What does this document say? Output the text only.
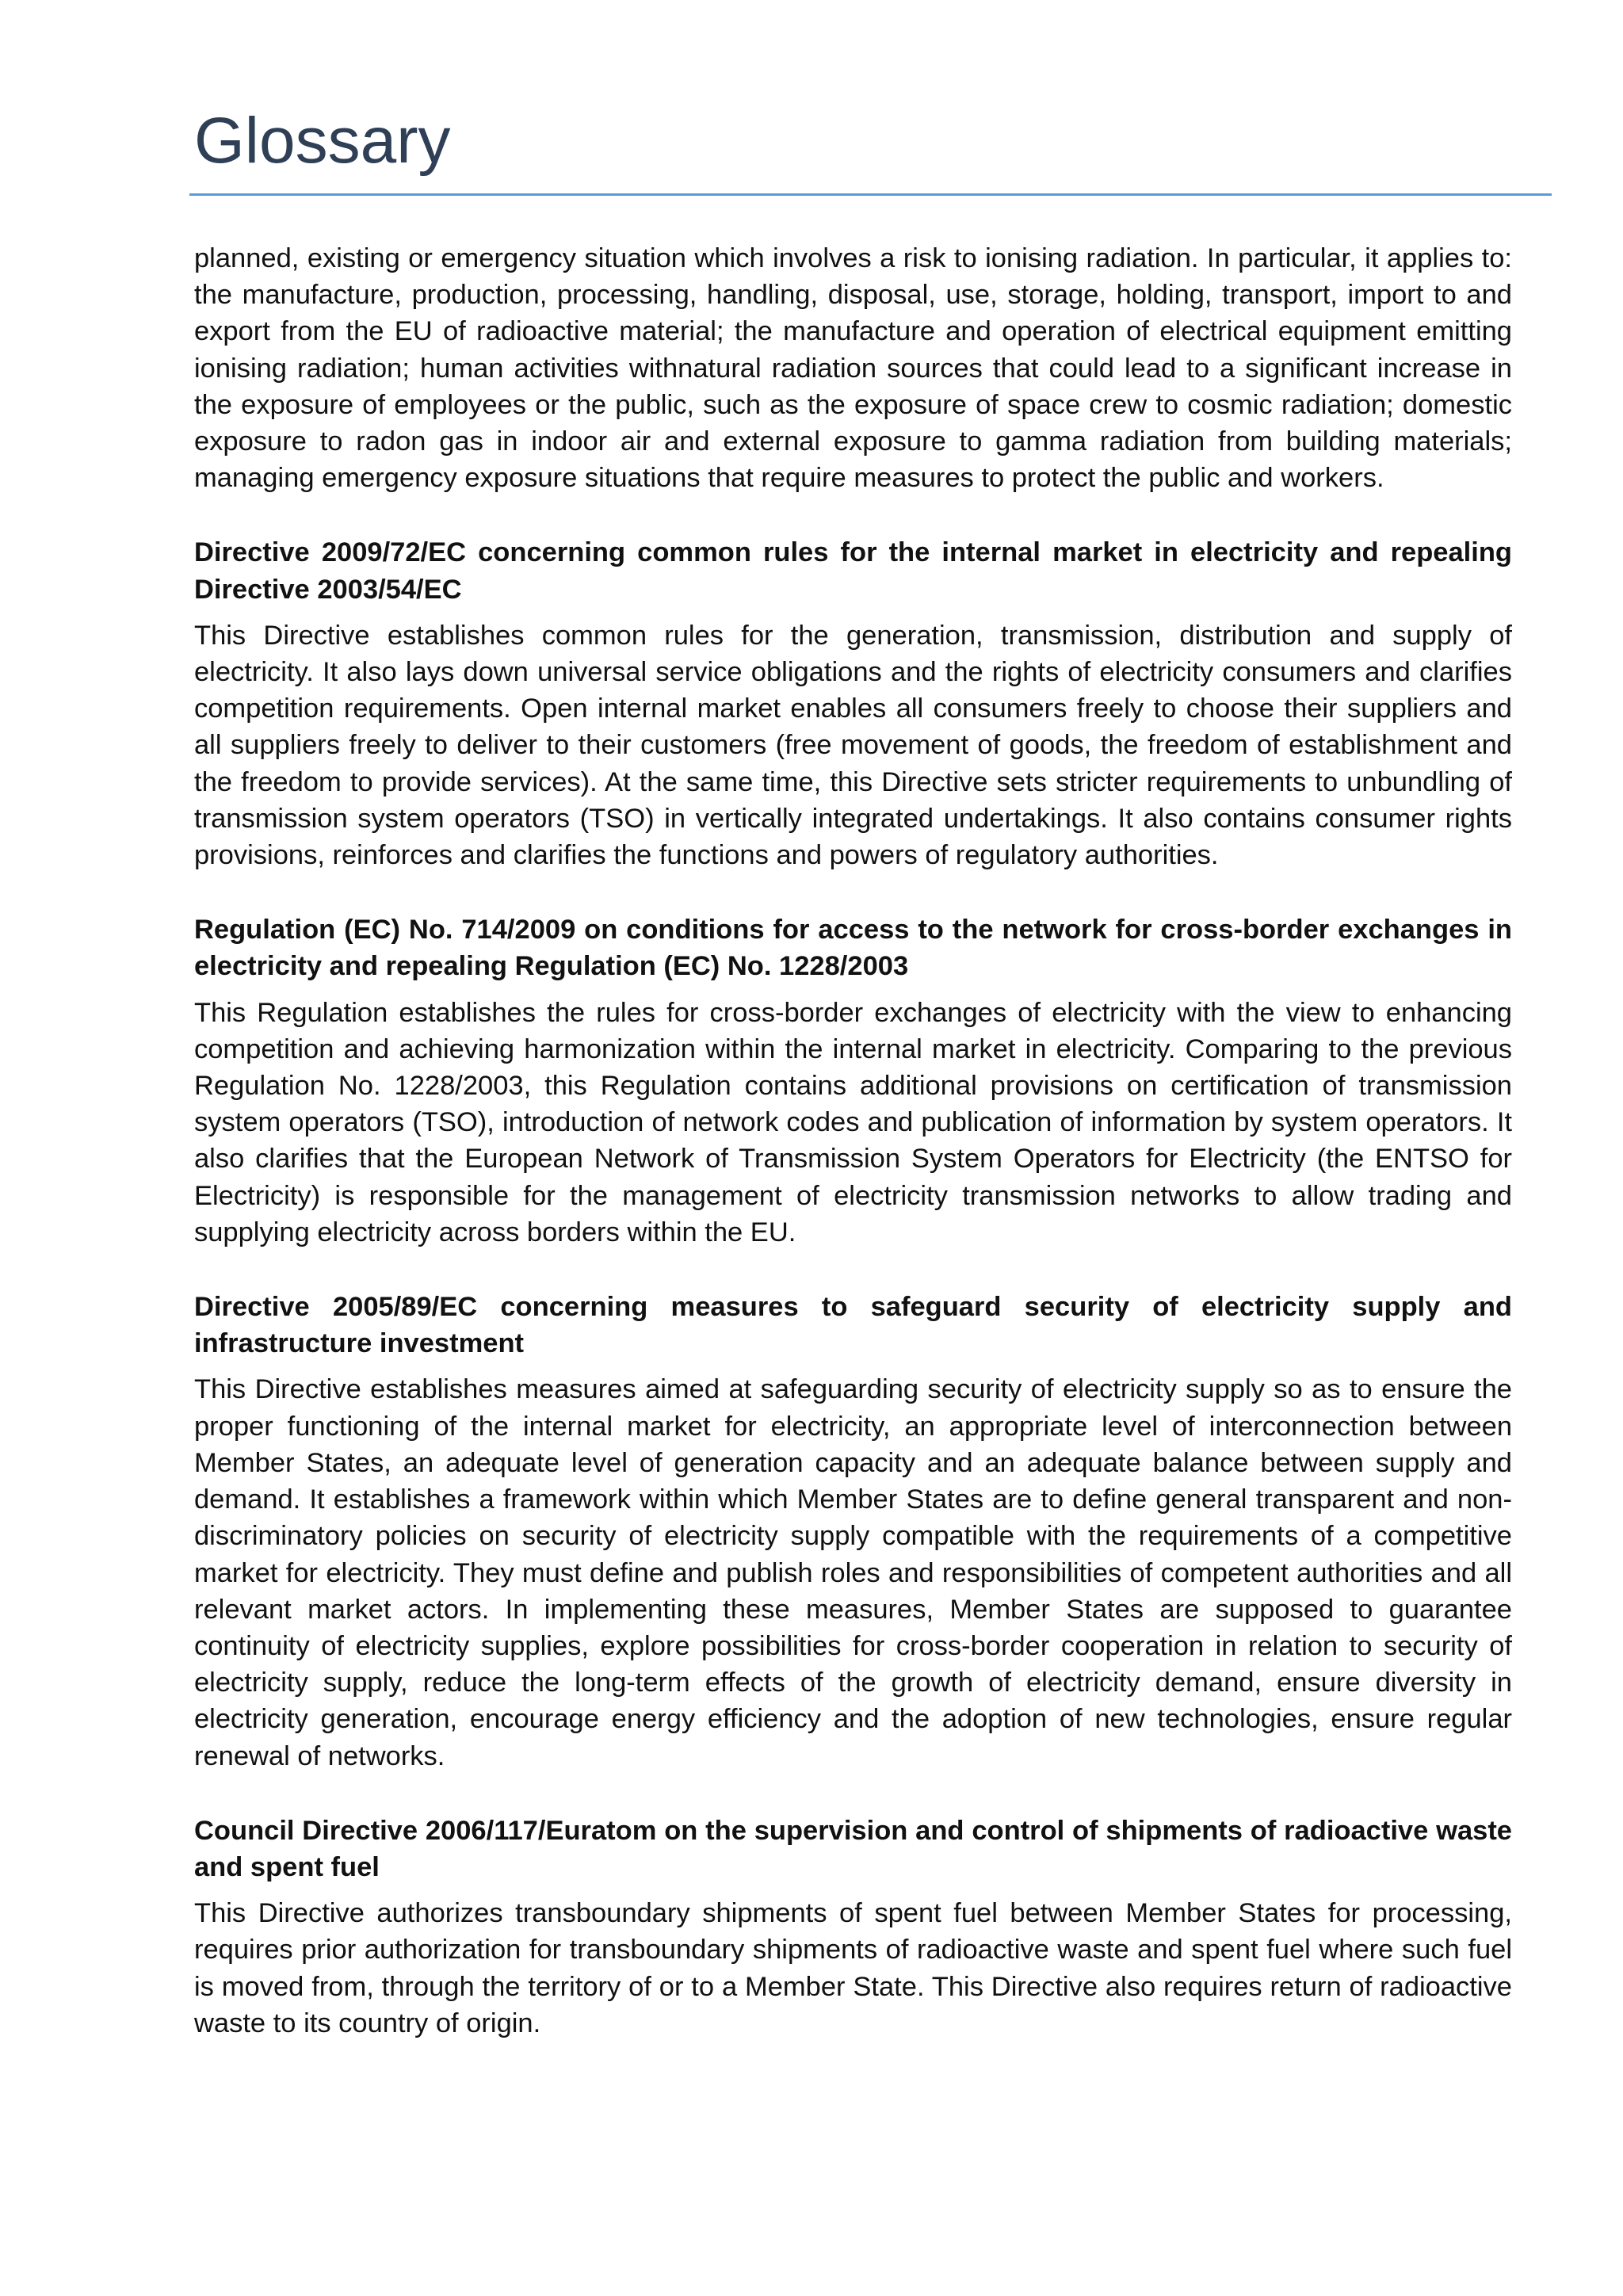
Glossary

planned, existing or emergency situation which involves a risk to ionising radiation. In particular, it applies to: the manufacture, production, processing, handling, disposal, use, storage, holding, transport, import to and export from the EU of radioactive material; the manufacture and operation of electrical equipment emitting ionising radiation; human activities withnatural radiation sources that could lead to a significant increase in the exposure of employees or the public, such as the exposure of space crew to cosmic radiation; domestic exposure to radon gas in indoor air and external exposure to gamma radiation from building materials; managing emergency exposure situations that require measures to protect the public and workers.

Directive 2009/72/EC concerning common rules for the internal market in electricity and repealing Directive 2003/54/EC

This Directive establishes common rules for the generation, transmission, distribution and supply of electricity. It also lays down universal service obligations and the rights of electricity consumers and clarifies competition requirements. Open internal market enables all consumers freely to choose their suppliers and all suppliers freely to deliver to their customers (free movement of goods, the freedom of establishment and the freedom to provide services). At the same time, this Directive sets stricter requirements to unbundling of transmission system operators (TSO) in vertically integrated undertakings. It also contains consumer rights provisions, reinforces and clarifies the functions and powers of regulatory authorities.

Regulation (EC) No. 714/2009 on conditions for access to the network for cross-border exchanges in electricity and repealing Regulation (EC) No. 1228/2003

This Regulation establishes the rules for cross-border exchanges of electricity with the view to enhancing competition and achieving harmonization within the internal market in electricity. Comparing to the previous Regulation No. 1228/2003, this Regulation contains additional provisions on certification of transmission system operators (TSO), introduction of network codes and publication of information by system operators. It also clarifies that the European Network of Transmission System Operators for Electricity (the ENTSO for Electricity) is responsible for the management of electricity transmission networks to allow trading and supplying electricity across borders within the EU.

Directive 2005/89/EC concerning measures to safeguard security of electricity supply and infrastructure investment

This Directive establishes measures aimed at safeguarding security of electricity supply so as to ensure the proper functioning of the internal market for electricity, an appropriate level of interconnection between Member States, an adequate level of generation capacity and an adequate balance between supply and demand. It establishes a framework within which Member States are to define general transparent and non-discriminatory policies on security of electricity supply compatible with the requirements of a competitive market for electricity. They must define and publish roles and responsibilities of competent authorities and all relevant market actors. In implementing these measures, Member States are supposed to guarantee continuity of electricity supplies, explore possibilities for cross-border cooperation in relation to security of electricity supply, reduce the long-term effects of the growth of electricity demand, ensure diversity in electricity generation, encourage energy efficiency and the adoption of new technologies, ensure regular renewal of networks.

Council Directive 2006/117/Euratom on the supervision and control of shipments of radioactive waste and spent fuel

This Directive authorizes transboundary shipments of spent fuel between Member States for processing, requires prior authorization for transboundary shipments of radioactive waste and spent fuel where such fuel is moved from, through the territory of or to a Member State. This Directive also requires return of radioactive waste to its country of origin.
